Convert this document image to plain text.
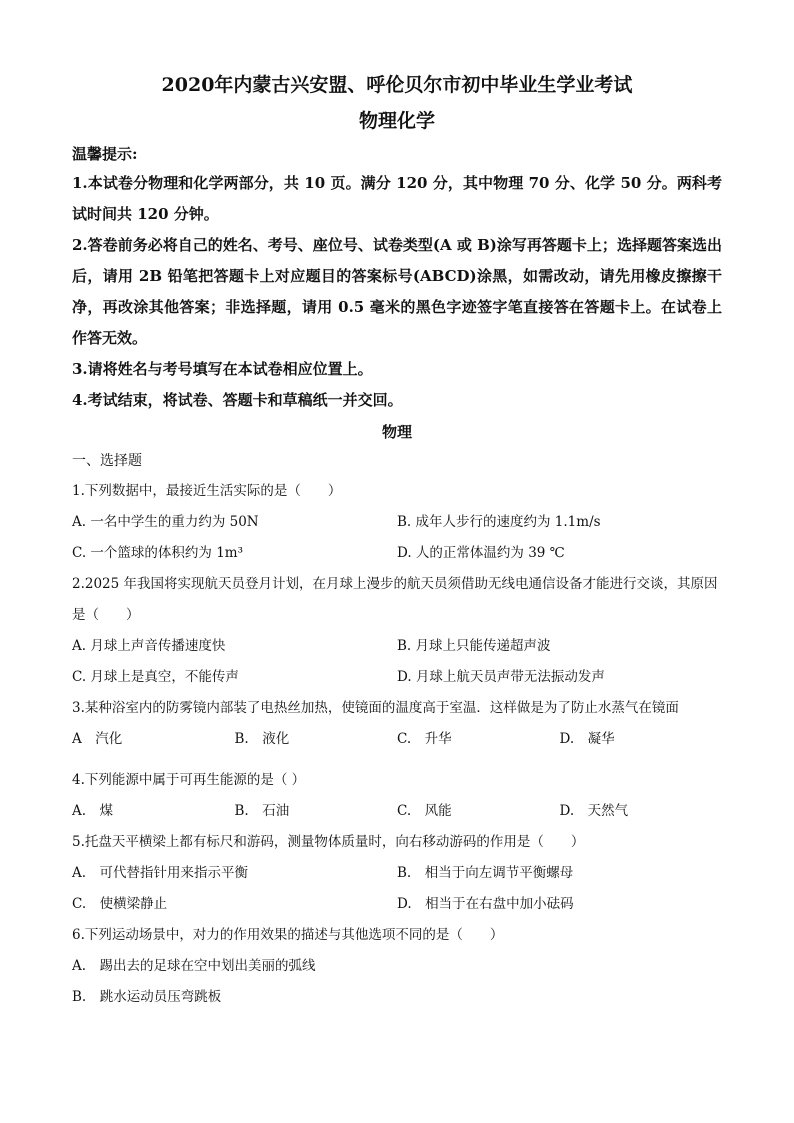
2020年内蒙古兴安盟、呼伦贝尔市初中毕业生学业考试
物理化学

温馨提示:

1.本试卷分物理和化学两部分，共 10 页。满分 120 分，其中物理 70 分、化学 50 分。两科考试时间共 120 分钟。

2.答卷前务必将自己的姓名、考号、座位号、试卷类型(A 或 B)涂写再答题卡上；选择题答案选出后，请用 2B 铅笔把答题卡上对应题目的答案标号(ABCD)涂黑，如需改动，请先用橡皮擦擦干净，再改涂其他答案；非选择题，请用 0.5 毫米的黑色字迹签字笔直接答在答题卡上。在试卷上作答无效。

3.请将姓名与考号填写在本试卷相应位置上。

4.考试结束，将试卷、答题卡和草稿纸一并交回。

物理

一、选择题

1.下列数据中，最接近生活实际的是（　　）

A. 一名中学生的重力约为 50N	B. 成年人步行的速度约为 1.1m/s
C. 一个篮球的体积约为 1m³	D. 人的正常体温约为 39 ℃

2.2025 年我国将实现航天员登月计划，在月球上漫步的航天员须借助无线电通信设备才能进行交谈，其原因是（　　）

A. 月球上声音传播速度快	B. 月球上只能传递超声波
C. 月球上是真空，不能传声	D. 月球上航天员声带无法振动发声

3.某种浴室内的防雾镜内部装了电热丝加热，使镜面的温度高于室温．这样做是为了防止水蒸气在镜面

A　汽化	B.　液化	C.　升华	D.　凝华

4.下列能源中属于可再生能源的是（ ）

A.　煤	B.　石油	C.　风能	D.　天然气

5.托盘天平横梁上都有标尺和游码，测量物体质量时，向右移动游码的作用是（　　）

A.　可代替指针用来指示平衡	B.　相当于向左调节平衡螺母
C.　使横梁静止	D.　相当于在右盘中加小砝码

6.下列运动场景中，对力的作用效果的描述与其他选项不同的是（　　）

A.　踢出去的足球在空中划出美丽的弧线
B.　跳水运动员压弯跳板
